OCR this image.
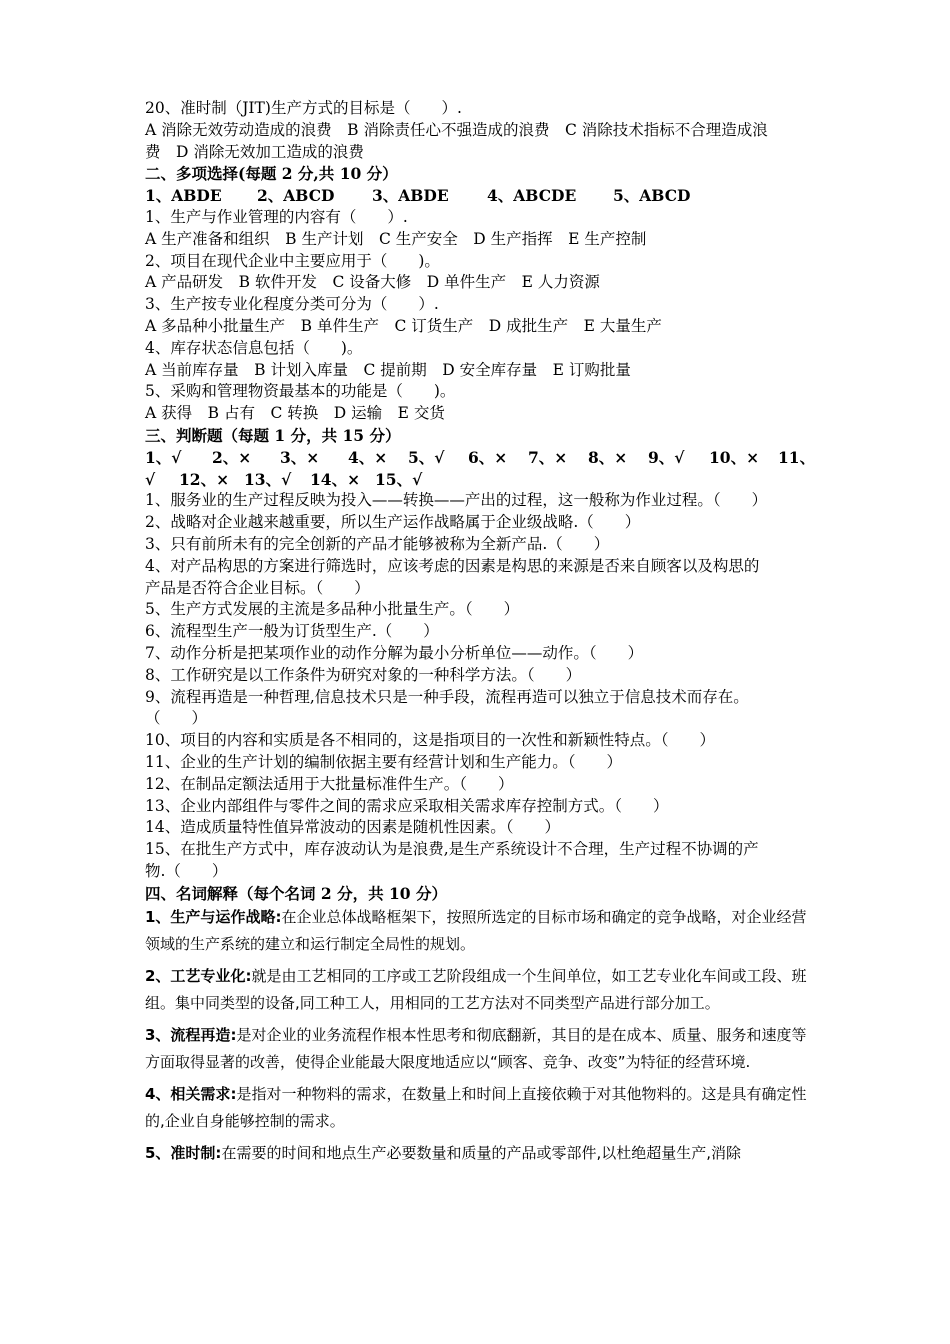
20、准时制（JIT)生产方式的目标是（　　）.
A 消除无效劳动造成的浪费　B 消除责任心不强造成的浪费　C 消除技术指标不合理造成浪
费　D 消除无效加工造成的浪费
二、多项选择(每题 2 分,共 10 分）
1、ABDE 2、ABCD 3、ABDE 4、ABCDE 5、ABCD
1、生产与作业管理的内容有（　　）.
A 生产准备和组织　B 生产计划　C 生产安全　D 生产指挥　E 生产控制
2、项目在现代企业中主要应用于（　　)。
A 产品研发　B 软件开发　C 设备大修　D 单件生产　E 人力资源
3、生产按专业化程度分类可分为（　　）.
A 多品种小批量生产　B 单件生产　C 订货生产　D 成批生产　E 大量生产
4、库存状态信息包括（　　)。
A 当前库存量　B 计划入库量　C 提前期　D 安全库存量　E 订购批量
5、采购和管理物资最基本的功能是（　　)。
A 获得　B 占有　C 转换　D 运输　E 交货
三、判断题（每题 1 分，共 15 分）
1、√ 2、× 3、× 4、× 5、√ 6、× 7、× 8、× 9、√ 10、× 11、
√ 12、× 13、√ 14、× 15、√
1、服务业的生产过程反映为投入——转换——产出的过程，这一般称为作业过程。（　　）
2、战略对企业越来越重要，所以生产运作战略属于企业级战略.（　　）
3、只有前所未有的完全创新的产品才能够被称为全新产品.（　　）
4、对产品构思的方案进行筛选时，应该考虑的因素是构思的来源是否来自顾客以及构思的
产品是否符合企业目标。（　　）
5、生产方式发展的主流是多品种小批量生产。（　　）
6、流程型生产一般为订货型生产.（　　）
7、动作分析是把某项作业的动作分解为最小分析单位——动作。（　　）
8、工作研究是以工作条件为研究对象的一种科学方法。（　　）
9、流程再造是一种哲理,信息技术只是一种手段，流程再造可以独立于信息技术而存在。
（　　）
10、项目的内容和实质是各不相同的，这是指项目的一次性和新颖性特点。（　　）
11、企业的生产计划的编制依据主要有经营计划和生产能力。（　　）
12、在制品定额法适用于大批量标准件生产。（　　）
13、企业内部组件与零件之间的需求应采取相关需求库存控制方式。（　　）
14、造成质量特性值异常波动的因素是随机性因素。（　　）
15、在批生产方式中，库存波动认为是浪费,是生产系统设计不合理，生产过程不协调的产
物.（　　）
四、名词解释（每个名词 2 分，共 10 分）
1、生产与运作战略:在企业总体战略框架下，按照所选定的目标市场和确定的竞争战略，对企业经营领域的生产系统的建立和运行制定全局性的规划。
2、工艺专业化:就是由工艺相同的工序或工艺阶段组成一个生间单位，如工艺专业化车间或工段、班组。集中同类型的设备,同工种工人，用相同的工艺方法对不同类型产品进行部分加工。
3、流程再造:是对企业的业务流程作根本性思考和彻底翻新，其目的是在成本、质量、服务和速度等方面取得显著的改善，使得企业能最大限度地适应以“顾客、竞争、改变”为特征的经营环境.
4、相关需求:是指对一种物料的需求，在数量上和时间上直接依赖于对其他物料的。这是具有确定性的,企业自身能够控制的需求。
5、准时制:在需要的时间和地点生产必要数量和质量的产品或零部件,以杜绝超量生产,消除
